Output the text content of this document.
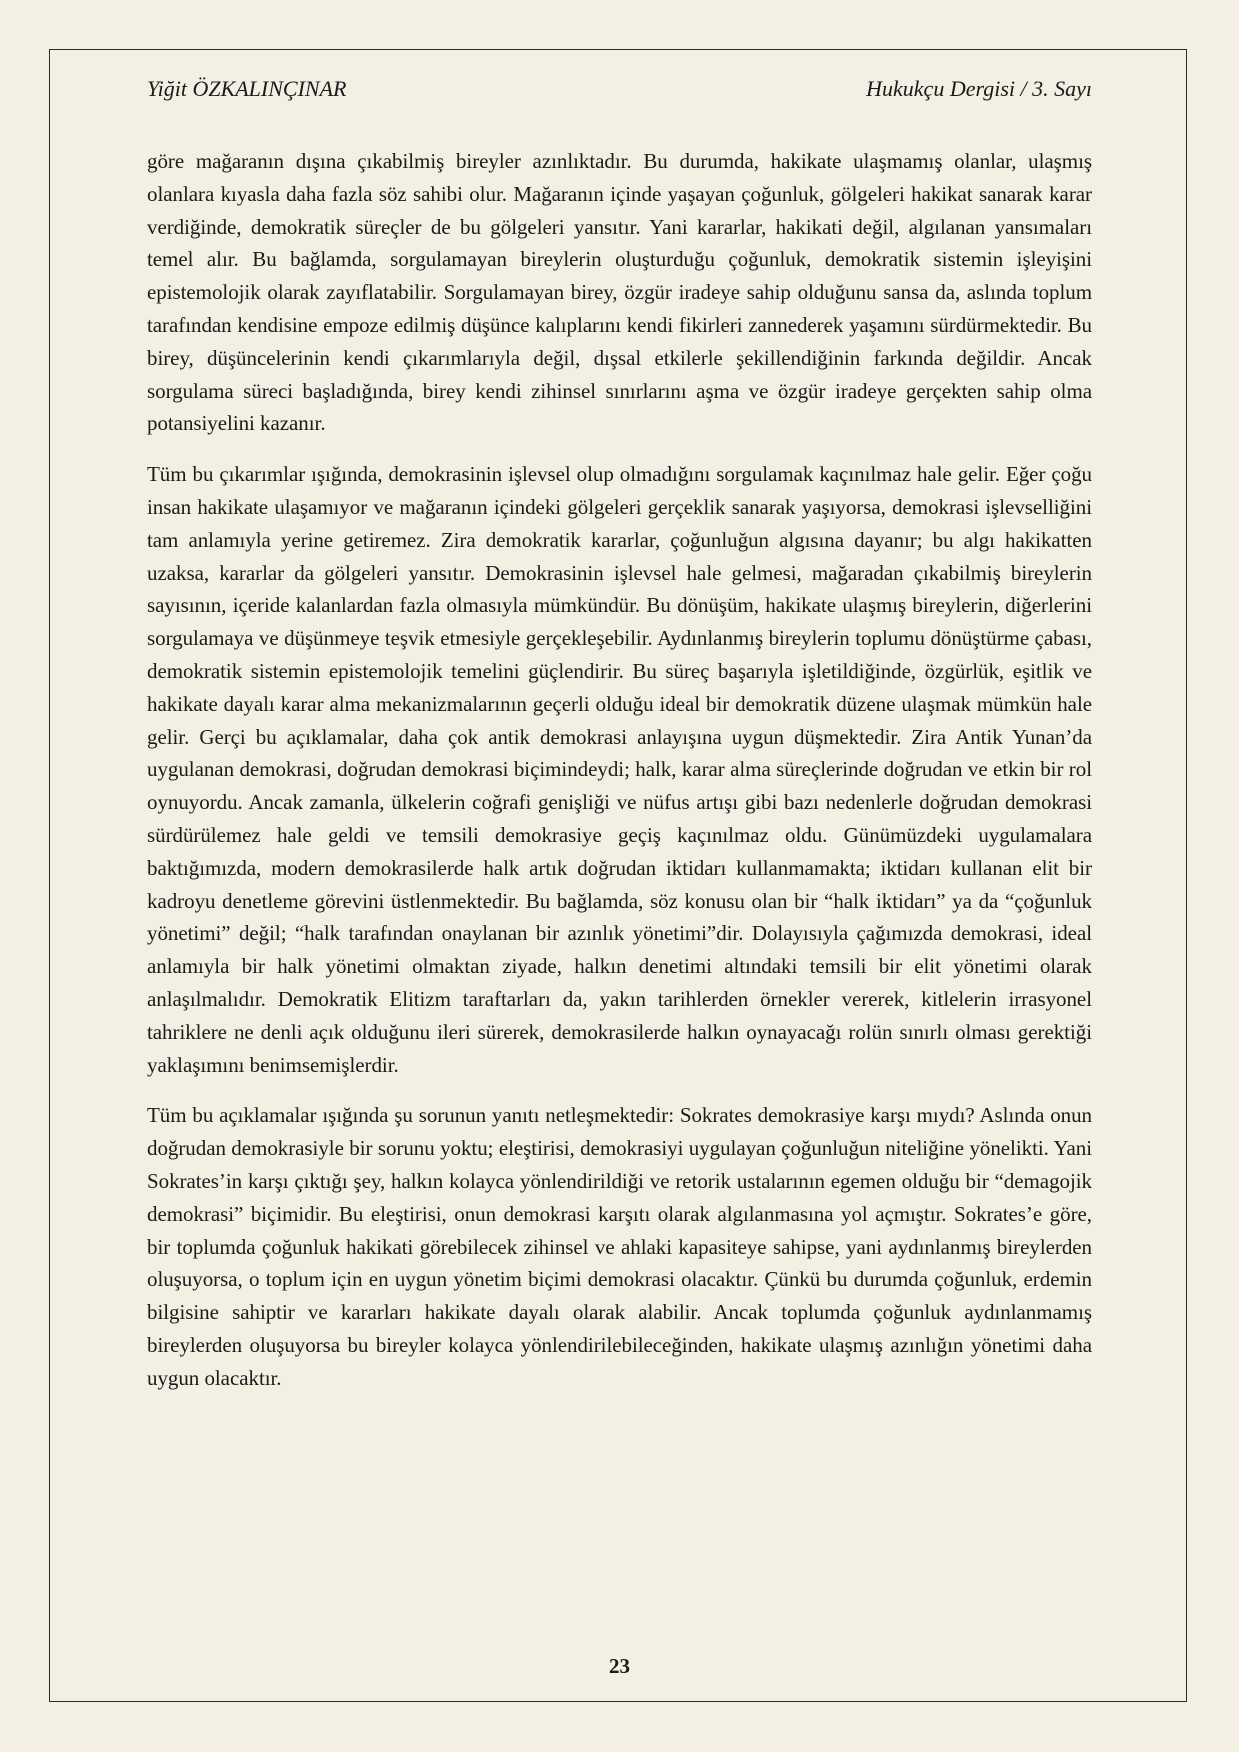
Yiğit ÖZKALINÇINAR	Hukukçu Dergisi / 3. Sayı

göre mağaranın dışına çıkabilmiş bireyler azınlıktadır. Bu durumda, hakikate ulaşmamış olanlar, ulaşmış olanlara kıyasla daha fazla söz sahibi olur. Mağaranın içinde yaşayan çoğunluk, gölgeleri hakikat sanarak karar verdiğinde, demokratik süreçler de bu gölgeleri yansıtır. Yani kararlar, hakikati değil, algılanan yansımaları temel alır. Bu bağlamda, sorgulamayan bireylerin oluşturduğu çoğunluk, demokratik sistemin işleyişini epistemolojik olarak zayıflatabilir. Sorgulamayan birey, özgür iradeye sahip olduğunu sansa da, aslında toplum tarafından kendisine empoze edilmiş düşünce kalıplarını kendi fikirleri zannederek yaşamını sürdürmektedir. Bu birey, düşüncelerinin kendi çıkarımlarıyla değil, dışsal etkilerle şekillendiğinin farkında değildir. Ancak sorgulama süreci başladığında, birey kendi zihinsel sınırlarını aşma ve özgür iradeye gerçekten sahip olma potansiyelini kazanır.

Tüm bu çıkarımlar ışığında, demokrasinin işlevsel olup olmadığını sorgulamak kaçınılmaz hale gelir. Eğer çoğu insan hakikate ulaşamıyor ve mağaranın içindeki gölgeleri gerçeklik sanarak yaşıyorsa, demokrasi işlevselliğini tam anlamıyla yerine getiremez. Zira demokratik kararlar, çoğunluğun algısına dayanır; bu algı hakikatten uzaksa, kararlar da gölgeleri yansıtır. Demokrasinin işlevsel hale gelmesi, mağaradan çıkabilmiş bireylerin sayısının, içeride kalanlardan fazla olmasıyla mümkündür. Bu dönüşüm, hakikate ulaşmış bireylerin, diğerlerini sorgulamaya ve düşünmeye teşvik etmesiyle gerçekleşebilir. Aydınlanmış bireylerin toplumu dönüştürme çabası, demokratik sistemin epistemolojik temelini güçlendirir. Bu süreç başarıyla işletildiğinde, özgürlük, eşitlik ve hakikate dayalı karar alma mekanizmalarının geçerli olduğu ideal bir demokratik düzene ulaşmak mümkün hale gelir. Gerçi bu açıklamalar, daha çok antik demokrasi anlayışına uygun düşmektedir. Zira Antik Yunan’da uygulanan demokrasi, doğrudan demokrasi biçimindeydi; halk, karar alma süreçlerinde doğrudan ve etkin bir rol oynuyordu. Ancak zamanla, ülkelerin coğrafi genişliği ve nüfus artışı gibi bazı nedenlerle doğrudan demokrasi sürdürülemez hale geldi ve temsili demokrasiye geçiş kaçınılmaz oldu. Günümüzdeki uygulamalara baktığımızda, modern demokrasilerde halk artık doğrudan iktidarı kullanmamakta; iktidarı kullanan elit bir kadroyu denetleme görevini üstlenmektedir. Bu bağlamda, söz konusu olan bir “halk iktidarı” ya da “çoğunluk yönetimi” değil; “halk tarafından onaylanan bir azınlık yönetimi”dir. Dolayısıyla çağımızda demokrasi, ideal anlamıyla bir halk yönetimi olmaktan ziyade, halkın denetimi altındaki temsili bir elit yönetimi olarak anlaşılmalıdır. Demokratik Elitizm taraftarları da, yakın tarihlerden örnekler vererek, kitlelerin irrasyonel tahriklere ne denli açık olduğunu ileri sürerek, demokrasilerde halkın oynayacağı rolün sınırlı olması gerektiği yaklaşımını benimsemişlerdir.

Tüm bu açıklamalar ışığında şu sorunun yanıtı netleşmektedir: Sokrates demokrasiye karşı mıydı? Aslında onun doğrudan demokrasiyle bir sorunu yoktu; eleştirisi, demokrasiyi uygulayan çoğunluğun niteliğine yönelikti. Yani Sokrates’in karşı çıktığı şey, halkın kolayca yönlendirildiği ve retorik ustalarının egemen olduğu bir “demagojik demokrasi” biçimidir. Bu eleştirisi, onun demokrasi karşıtı olarak algılanmasına yol açmıştır. Sokrates’e göre, bir toplumda çoğunluk hakikati görebilecek zihinsel ve ahlaki kapasiteye sahipse, yani aydınlanmış bireylerden oluşuyorsa, o toplum için en uygun yönetim biçimi demokrasi olacaktır. Çünkü bu durumda çoğunluk, erdemin bilgisine sahiptir ve kararları hakikate dayalı olarak alabilir. Ancak toplumda çoğunluk aydınlanmamış bireylerden oluşuyorsa bu bireyler kolayca yönlendirilebileceğinden, hakikate ulaşmış azınlığın yönetimi daha uygun olacaktır.

23
